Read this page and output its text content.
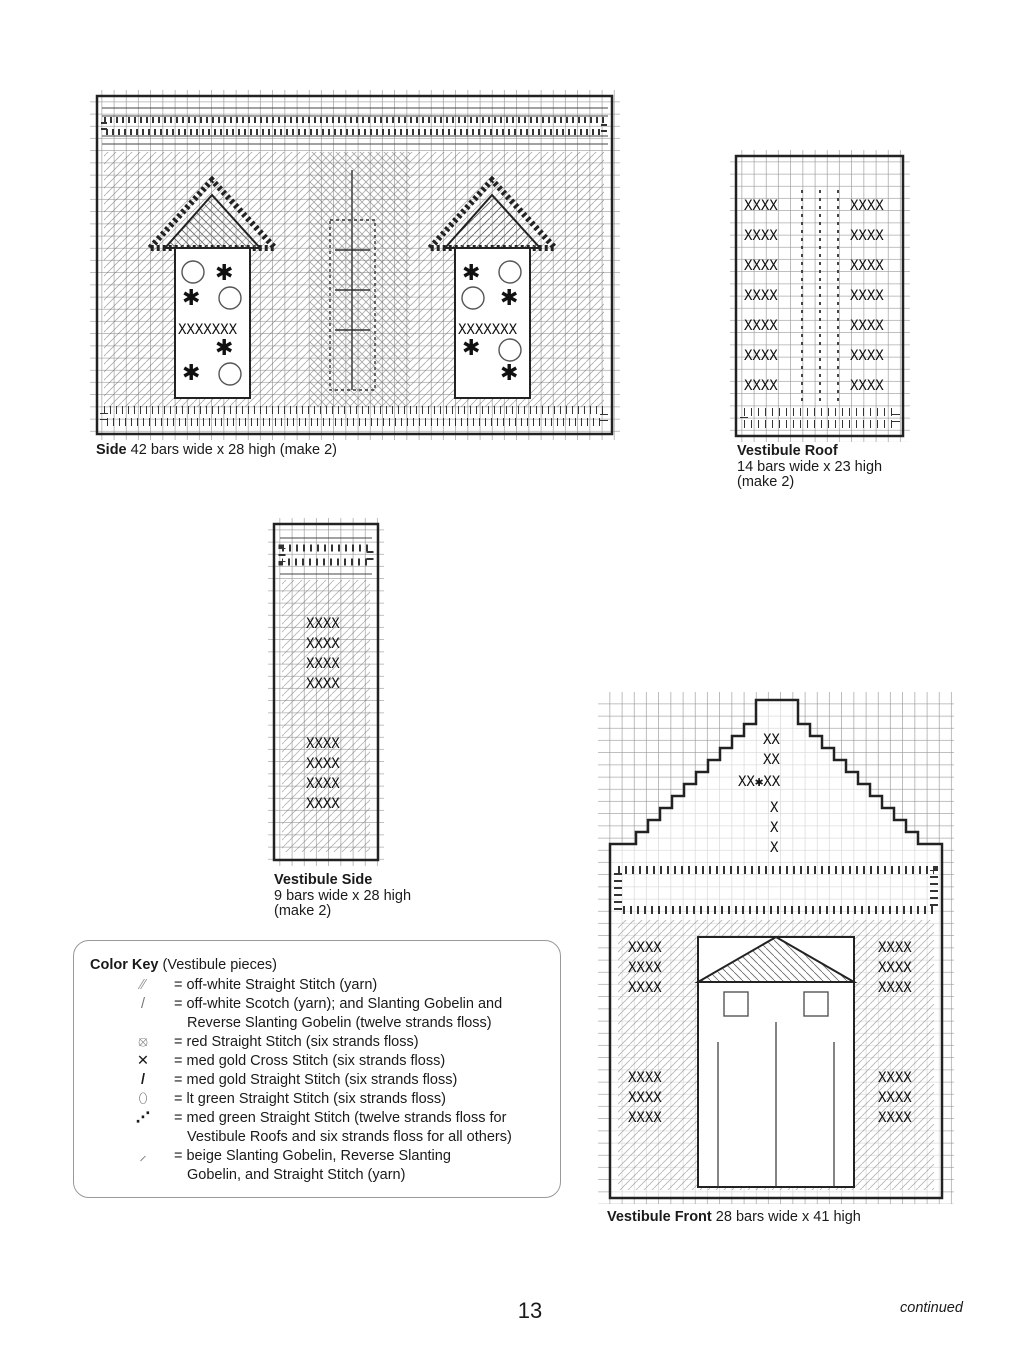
✱
✱
✱
✱
XXXXXXX
✱
✱
✱
✱
XXXXXXX
Side 42 bars wide x 28 high (make 2)
XXXX
XXXX
XXXX
XXXX
XXXX
XXXX
XXXX
XXXX
XXXX
XXXX
XXXX
XXXX
XXXX
XXXX
Vestibule Roof
14 bars wide x 23 high
(make 2)
XXXX
XXXX
XXXX
XXXX
XXXX
XXXX
XXXX
XXXX
Vestibule Side
9 bars wide x 28 high
(make 2)
XX
XX
XX✱XX
X
X
X
XXXX
XXXX
XXXX
XXXX
XXXX
XXXX
XXXX
XXXX
XXXX
XXXX
XXXX
XXXX
Vestibule Front 28 bars wide x 41 high
Color Key (Vestibule pieces)
⁄⁄	= off-white Straight Stitch (yarn)
/	= off-white Scotch (yarn); and Slanting Gobelin and
Reverse Slanting Gobelin (twelve strands floss)
⦻	= red Straight Stitch (six strands floss)
✕	= med gold Cross Stitch (six strands floss)
/	= med gold Straight Stitch (six strands floss)
⬯	= lt green Straight Stitch (six strands floss)
⋰	= med green Straight Stitch (twelve strands floss for
Vestibule Roofs and six strands floss for all others)
⸝	= beige Slanting Gobelin, Reverse Slanting
Gobelin, and Straight Stitch (yarn)
13	continued
